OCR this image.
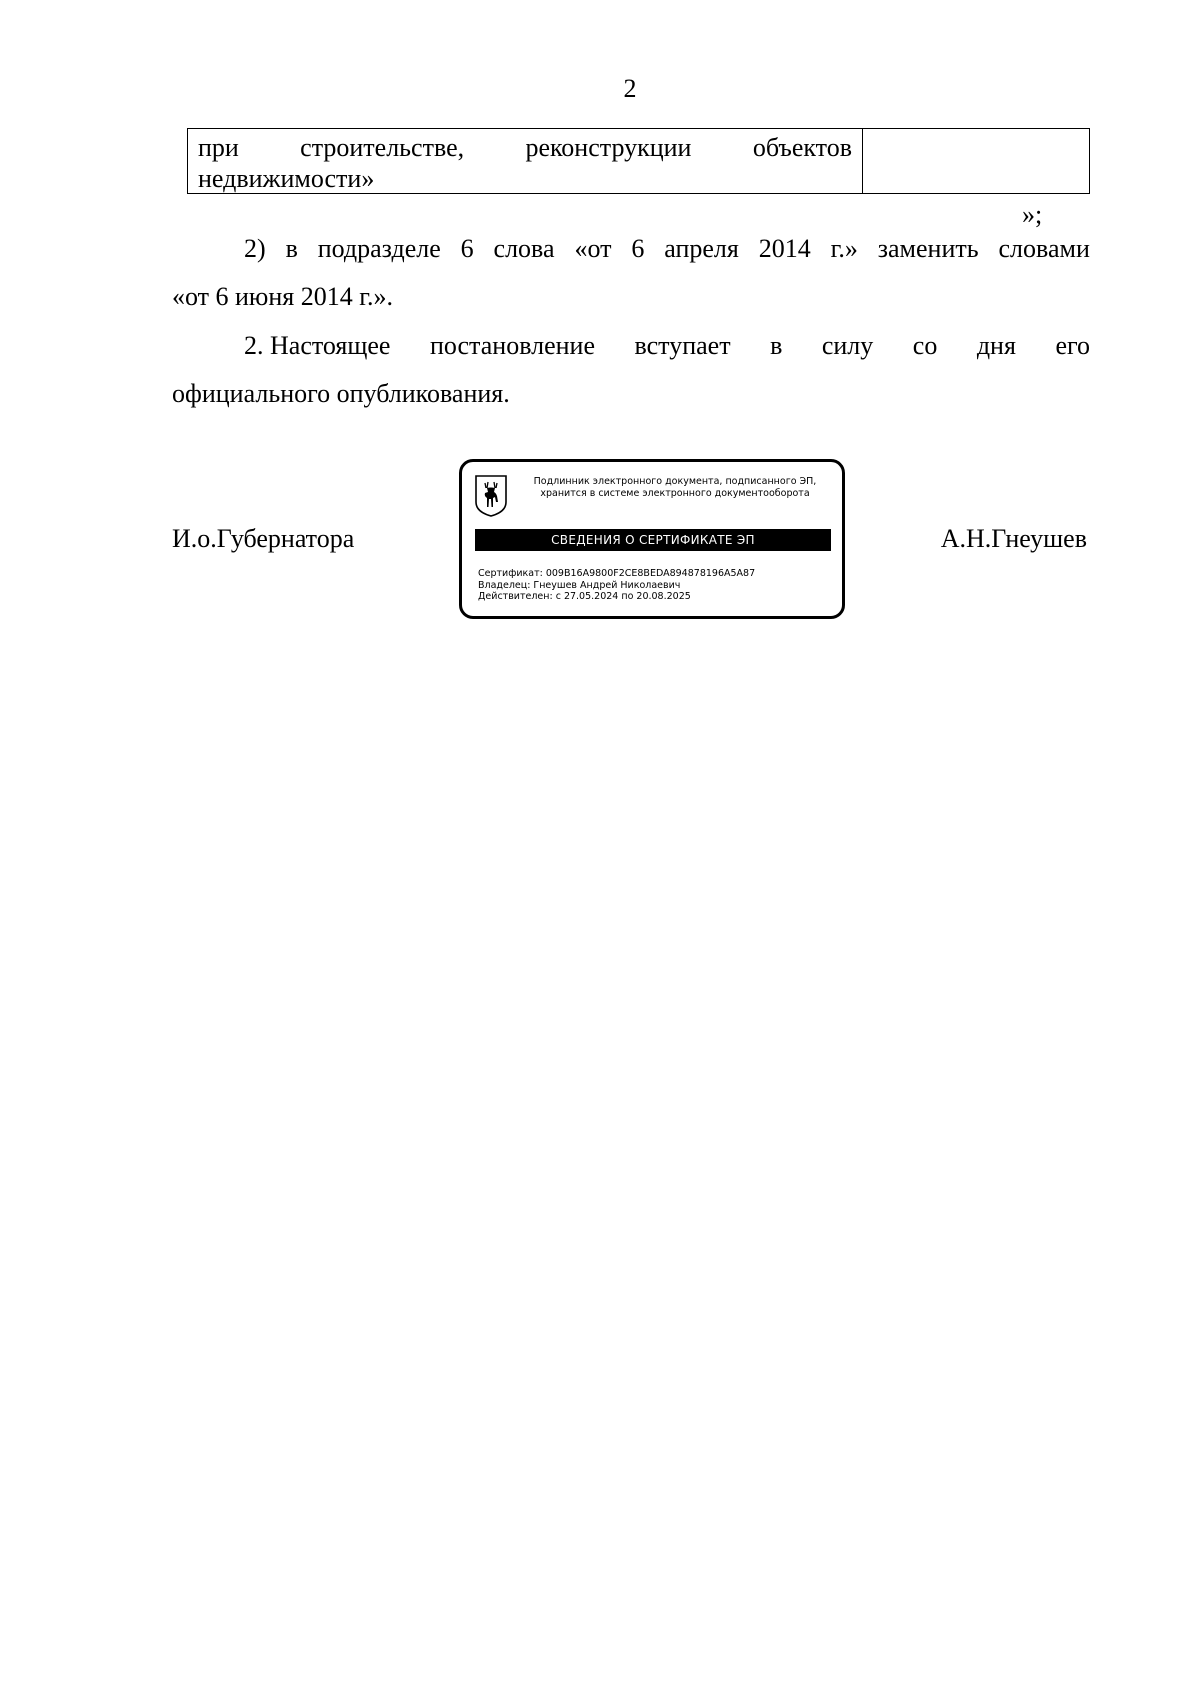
2
при строительстве, реконструкции объектов
недвижимости»
»;
2) в подразделе 6 слова «от 6 апреля 2014 г.» заменить словами
«от 6 июня 2014 г.».
2. Настоящее постановление вступает в силу со дня его
официального опубликования.
И.о.Губернатора	А.Н.Гнеушев
Подлинник электронного документа, подписанного ЭП,
хранится в системе электронного документооборота
СВЕДЕНИЯ О СЕРТИФИКАТЕ ЭП
Сертификат: 009B16A9800F2CE8BEDA894878196A5A87
Владелец: Гнеушев Андрей Николаевич
Действителен: с 27.05.2024 по 20.08.2025
